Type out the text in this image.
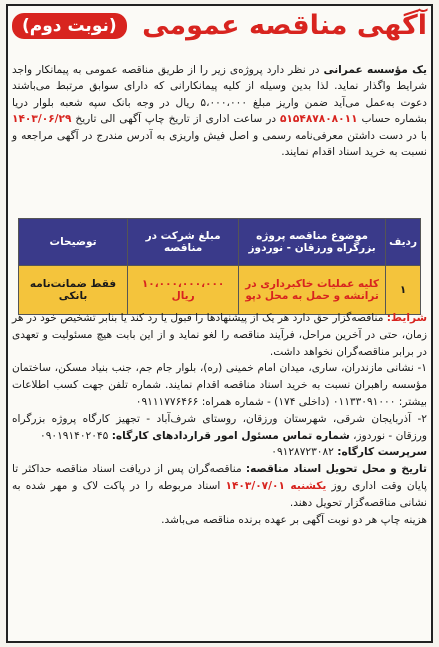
آگهی مناقصه عمومی
(نوبت دوم)

یک مؤسسه عمرانی در نظر دارد پروژه‌ی زیر را از طریق مناقصه عمومی به پیمانکار واجد شرایط واگذار نماید. لذا بدین وسیله از کلیه پیمانکارانی که دارای سوابق مرتبط می‌باشند دعوت به‌عمل می‌آید ضمن واریز مبلغ ۵،۰۰۰،۰۰۰ ریال در وجه بانک سپه شعبه بلوار دریا بشماره حساب ۵۱۵۴۸۷۸۰۸۰۱۱ در ساعت اداری از تاریخ چاپ آگهی الی تاریخ ۱۴۰۳/۰۶/۲۹ با در دست داشتن معرفی‌نامه رسمی و اصل فیش واریزی به آدرس مندرج در آگهی مراجعه و نسبت به خرید اسناد اقدام نمایند.

ردیف	موضوع مناقصه پروژه بزرگراه ورزقان - نوردوز	مبلغ شرکت در مناقصه	توضیحات
۱	کلیه عملیات خاکبرداری در ترانشه و حمل به محل دپو	۱۰،۰۰۰،۰۰۰،۰۰۰ ریال	فقط ضمانت‌نامه بانکی

شرایط: مناقصه‌گزار حق دارد هر یک از پیشنهادها را قبول یا رد کند یا بنابر تشخیص خود در هر زمان، حتی در آخرین مراحل، فرآیند مناقصه را لغو نماید و از این بابت هیچ مسئولیت و تعهدی در برابر مناقصه‌گران نخواهد داشت.

۱- نشانی مازندران، ساری، میدان امام خمینی (ره)، بلوار جام جم، جنب بنیاد مسکن، ساختمان مؤسسه راهبران نسبت به خرید اسناد مناقصه اقدام نمایند. شماره تلفن جهت کسب اطلاعات بیشتر: ۰۱۱۳۳۰۹۱۰۰۰ (داخلی ۱۷۴) - شماره همراه: ۰۹۱۱۱۷۷۶۴۶۶

۲- آذربایجان شرقی، شهرستان ورزقان، روستای شرف‌آباد - تجهیز کارگاه پروژه بزرگراه ورزقان - نوردوز، شماره تماس مسئول امور قراردادهای کارگاه: ۰۹۰۱۹۱۴۰۲۰۴۵

سرپرست کارگاه: ۰۹۱۲۸۷۲۳۰۸۲

تاریخ و محل تحویل اسناد مناقصه: مناقصه‌گران پس از دریافت اسناد مناقصه حداکثر تا پایان وقت اداری روز یکشنبه ۱۴۰۳/۰۷/۰۱ اسناد مربوطه را در پاکت لاک و مهر شده به نشانی مناقصه‌گزار تحویل دهند.

هزینه چاپ هر دو نوبت آگهی بر عهده برنده مناقصه می‌باشد.
